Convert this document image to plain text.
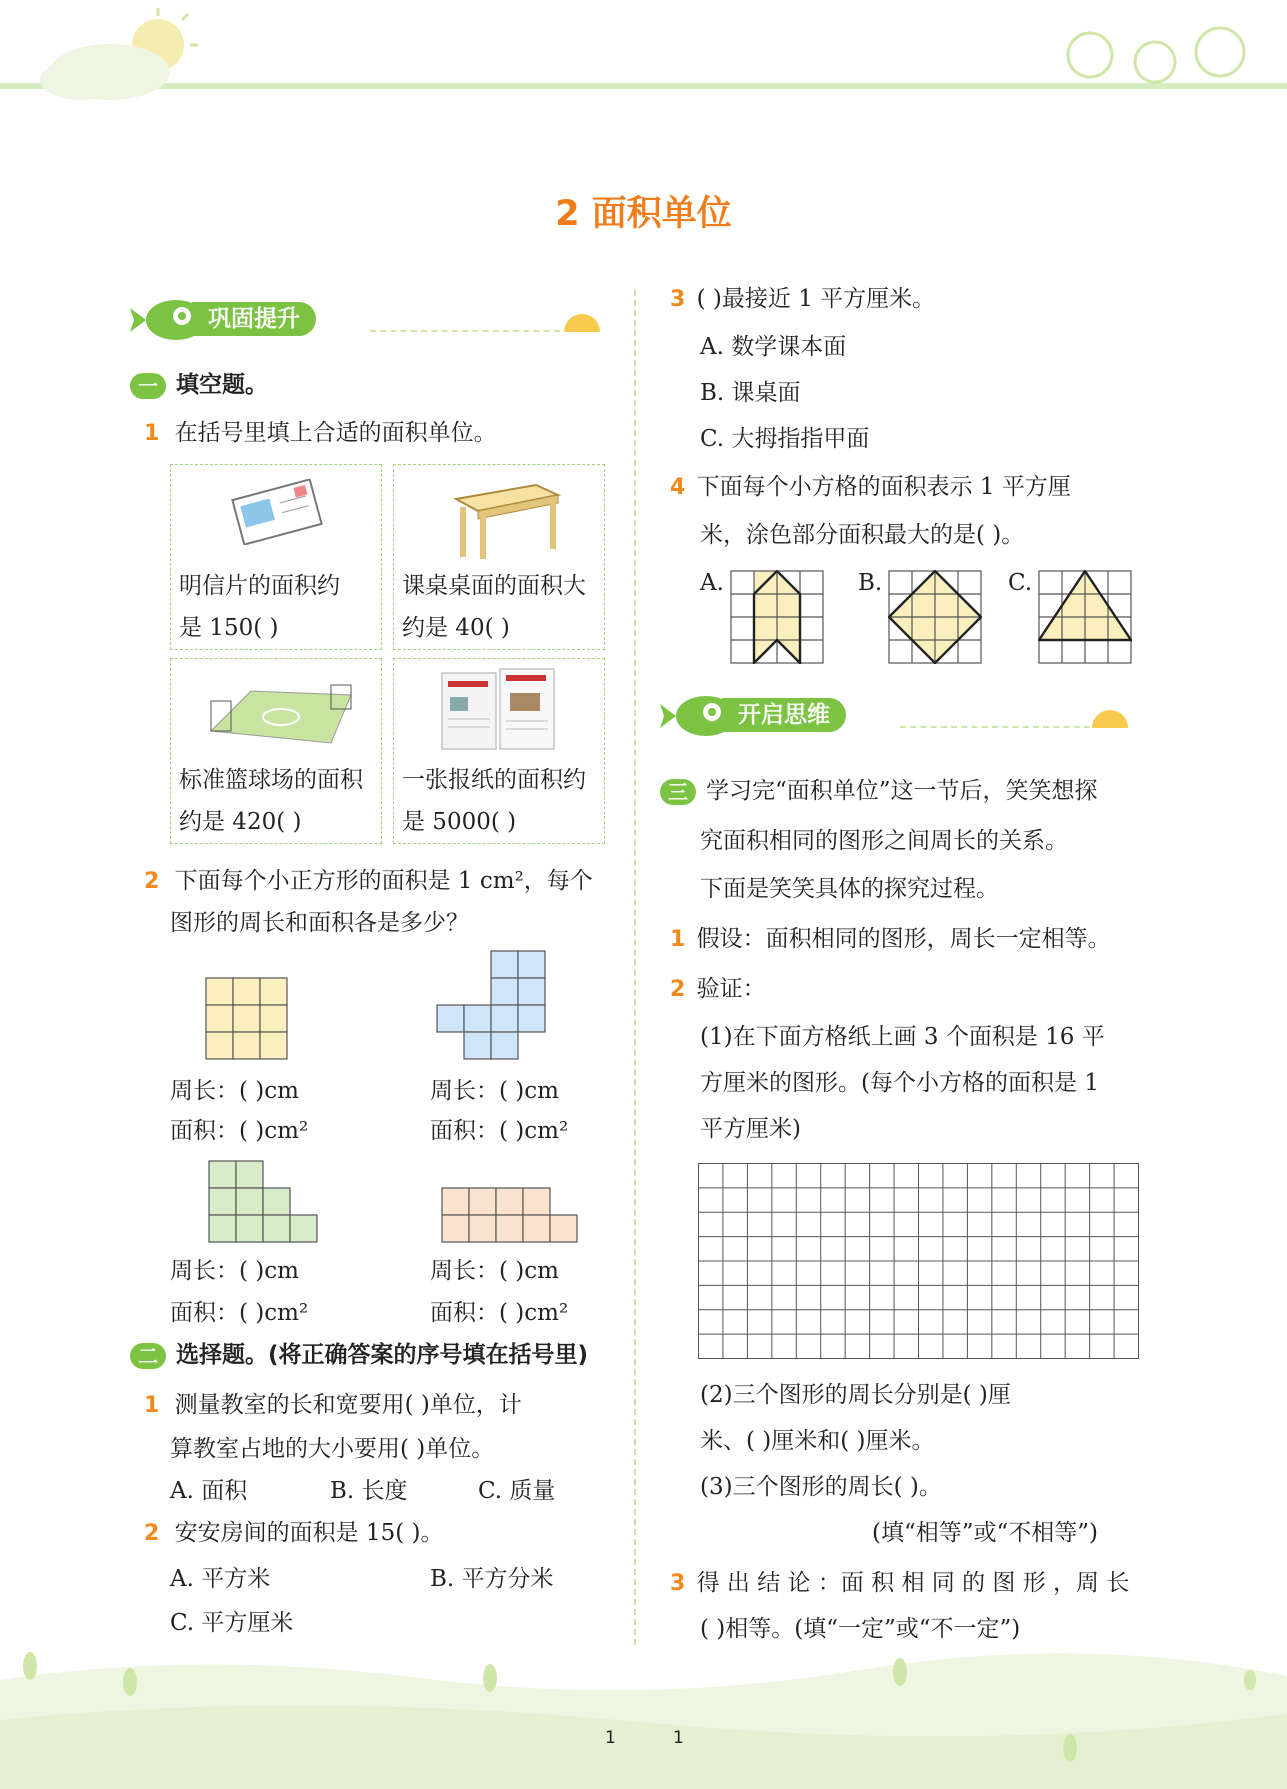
2 面积单位
巩固提升
一 填空题。
1 在括号里填上合适的面积单位。
明信片的面积约
是 150( )
课桌桌面的面积大
约是 40( )
标准篮球场的面积
约是 420( )
一张报纸的面积约
是 5000( )
2 下面每个小正方形的面积是 1 cm²，每个
图形的周长和面积各是多少？
周长：( )cm
面积：( )cm²
周长：( )cm
面积：( )cm²
周长：( )cm
面积：( )cm²
周长：( )cm
面积：( )cm²
二 选择题。(将正确答案的序号填在括号里)
1 测量教室的长和宽要用( )单位，计
算教室占地的大小要用( )单位。
A. 面积	B. 长度	C. 质量
2 安安房间的面积是 15( )。
A. 平方米	B. 平方分米
C. 平方厘米
3 ( )最接近 1 平方厘米。
A. 数学课本面
B. 课桌面
C. 大拇指指甲面
4 下面每个小方格的面积表示 1 平方厘
米，涂色部分面积最大的是( )。
A.	B.	C.
开启思维
三 学习完“面积单位”这一节后，笑笑想探
究面积相同的图形之间周长的关系。
下面是笑笑具体的探究过程。
1 假设：面积相同的图形，周长一定相等。
2 验证：
(1)在下面方格纸上画 3 个面积是 16 平
方厘米的图形。(每个小方格的面积是 1
平方厘米)
(2)三个图形的周长分别是( )厘
米、( )厘米和( )厘米。
(3)三个图形的周长( )。
(填“相等”或“不相等”)
3 得 出 结 论 ：面 积 相 同 的 图 形 ，周 长
( )相等。(填“一定”或“不一定”)
1	1
